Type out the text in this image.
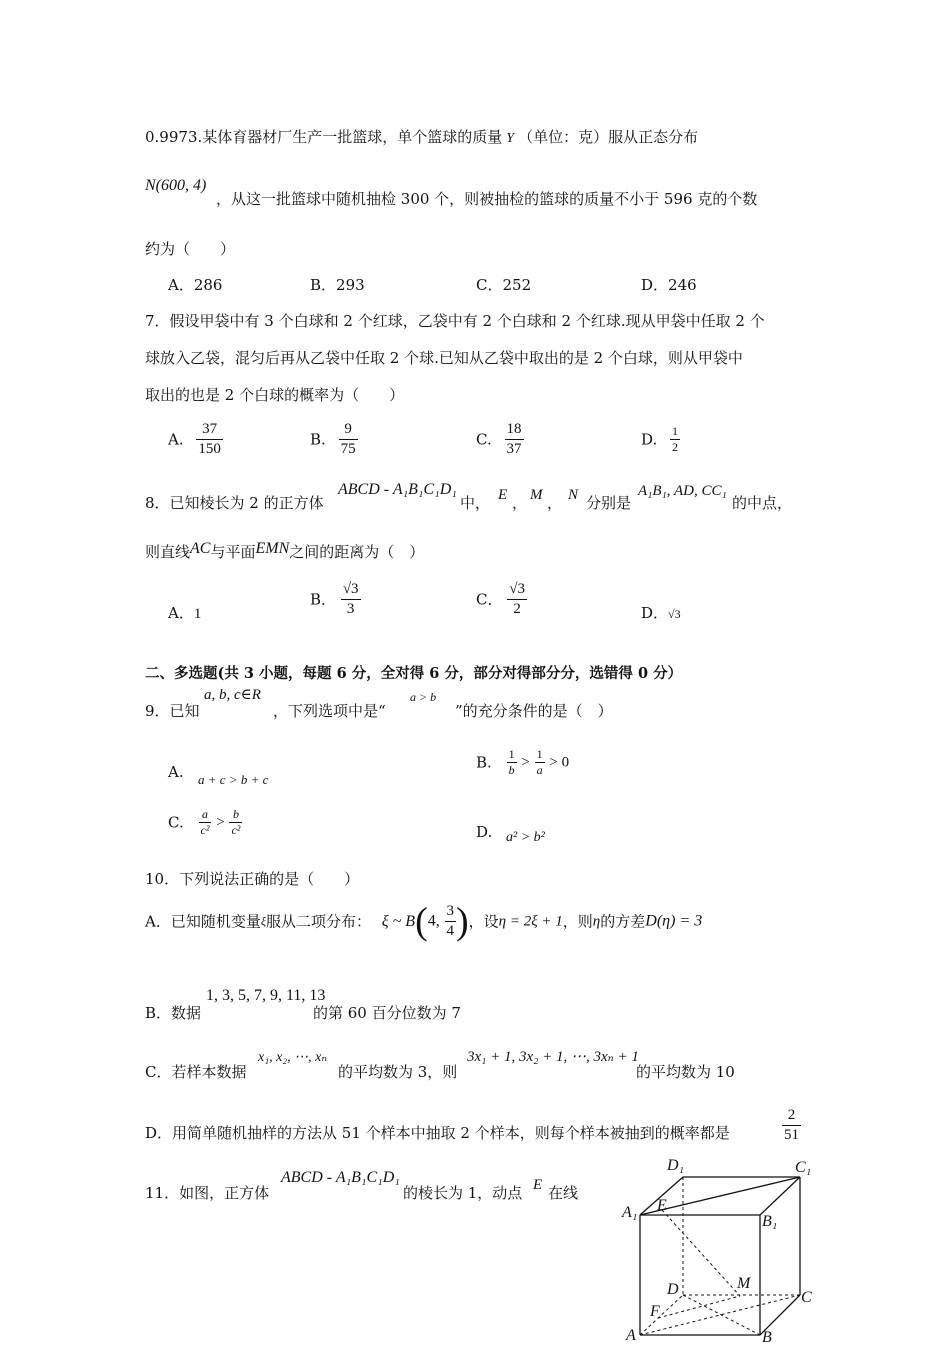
0.9973.某体育器材厂生产一批篮球，单个篮球的质量 Y （单位：克）服从正态分布
N(600, 4)
，从这一批篮球中随机抽检 300 个，则被抽检的篮球的质量不小于 596 克的个数
约为（　　）
A．286	B．293	C．252	D．246
7．假设甲袋中有 3 个白球和 2 个红球，乙袋中有 2 个白球和 2 个红球.现从甲袋中任取 2 个
球放入乙袋，混匀后再从乙袋中任取 2 个球.已知从乙袋中取出的是 2 个白球，则从甲袋中
取出的也是 2 个白球的概率为（　　）
A. $\frac{37}{150}$	B. $\frac{9}{75}$	C. $\frac{18}{37}$	D. $\frac{1}{2}$
8．已知棱长为 2 的正方体
ABCD - A₁B₁C₁D₁
中， E ， M ， N 分别是
A₁B₁, AD, CC₁
的中点，
则直线AC与平面EMN之间的距离为（　）
A．1
B． $\frac{√3}{3}$	C． $\frac{√3}{2}$	D．√3
二、多选题(共 3 小题，每题 6 分，全对得 6 分，部分对得部分分，选错得 0 分）
a, b, c∈R
9．已知	，下列选项中是“
a > b
”的充分条件的是（　）
A. a + c > b + c
B. $\frac{1}{b} > \frac{1}{a} > 0$
C. $\frac{a}{\text{c²}} > \frac{b}{\text{c²}}$	D. a² > b²
10．下列说法正确的是（　　）
A．已知随机变量ξ服从二项分布： ξ ~ B(4, $\frac{3}{4}$ )，设η = 2ξ + 1，则η的方差D(η) = 3
B．数据
1, 3, 5, 7, 9, 11, 13
的第 60 百分位数为 7
C．若样本数据
x₁, x₂, ⋯, xₙ
的平均数为 3，则
3x₁ + 1, 3x₂ + 1, ⋯, 3xₙ + 1
的平均数为 10
D．用简单随机抽样的方法从 51 个样本中抽取 2 个样本，则每个样本被抽到的概率都是	$\frac{2}{51}$
11．如图，正方体
ABCD - A₁B₁C₁D₁
的棱长为 1，动点 E 在线
D₁	C₁
A₁ E
B₁
D	M
C
F
A	B
